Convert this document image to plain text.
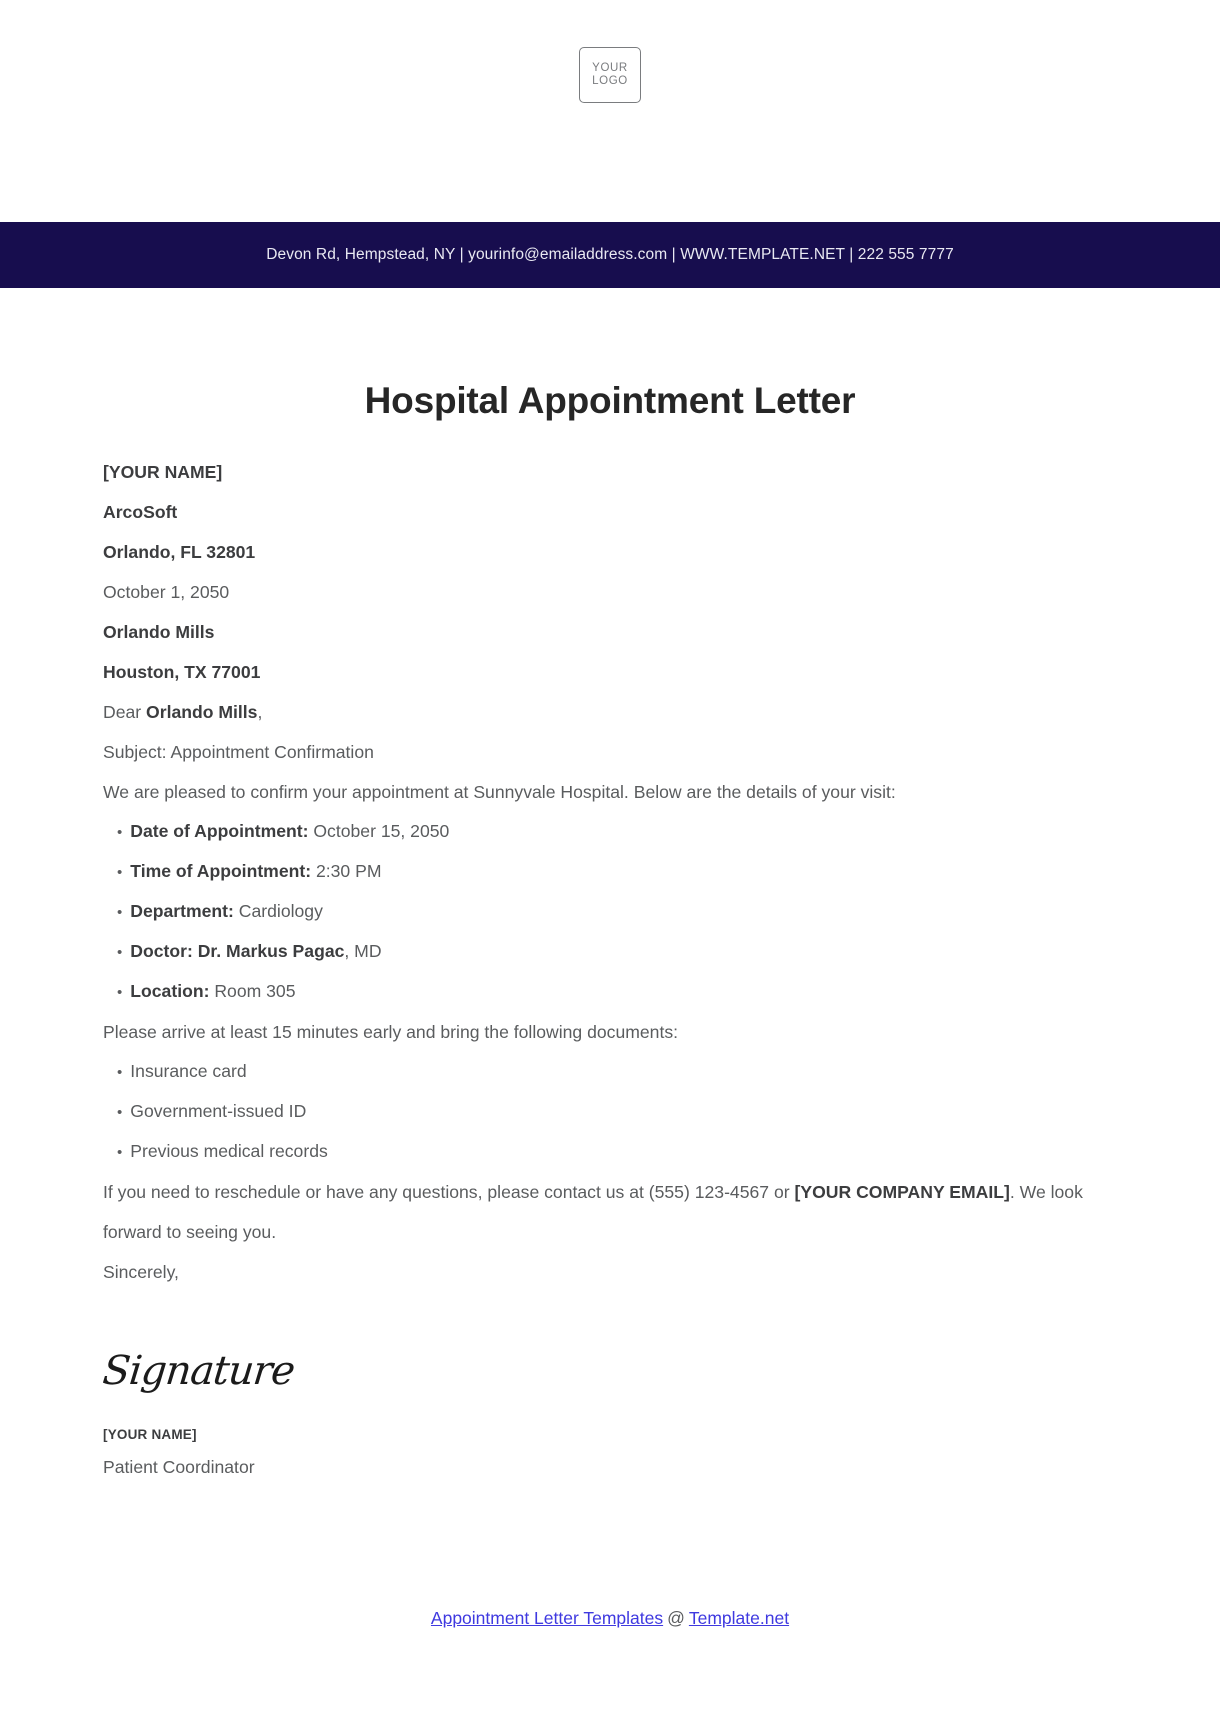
YOUR
LOGO
Devon Rd, Hempstead, NY | yourinfo@emailaddress.com | WWW.TEMPLATE.NET | 222 555 7777
Hospital Appointment Letter
[YOUR NAME]
ArcoSoft
Orlando, FL 32801
October 1, 2050
Orlando Mills
Houston, TX 77001
Dear Orlando Mills,
Subject: Appointment Confirmation
We are pleased to confirm your appointment at Sunnyvale Hospital. Below are the details of your visit:
• Date of Appointment: October 15, 2050
• Time of Appointment: 2:30 PM
• Department: Cardiology
• Doctor: Dr. Markus Pagac, MD
• Location: Room 305
Please arrive at least 15 minutes early and bring the following documents:
• Insurance card
• Government-issued ID
• Previous medical records
If you need to reschedule or have any questions, please contact us at (555) 123-4567 or [YOUR COMPANY EMAIL]. We look forward to seeing you.
Sincerely,
Signature
[YOUR NAME]
Patient Coordinator
Appointment Letter Templates @ Template.net
